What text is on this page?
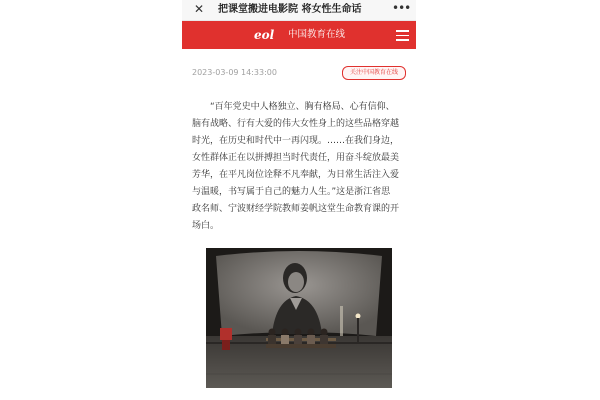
✕ 把课堂搬进电影院 将女性生命话	•••
eol	中国教育在线
2023-03-09 14:33:00	关注中国教育在线
“百年党史中人格独立、胸有格局、心有信仰、
脑有战略、行有大爱的伟大女性身上的这些品格穿越
时光，在历史和时代中一再闪现。……在我们身边，
女性群体正在以拼搏担当时代责任，用奋斗绽放最美
芳华，在平凡岗位诠释不凡奉献，为日常生活注入爱
与温暖，书写属于自己的魅力人生。”这是浙江省思
政名师、宁波财经学院教师姜帆这堂生命教育课的开
场白。
